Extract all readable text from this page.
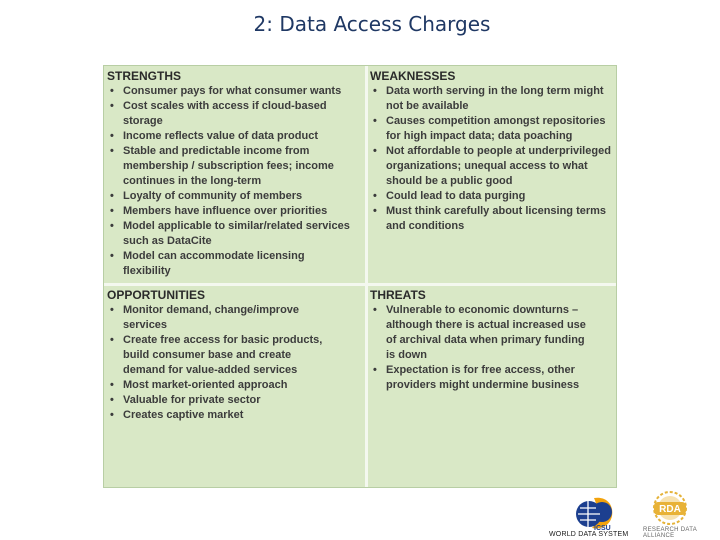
2: Data Access Charges
STRENGTHS
• Consumer pays for what consumer wants
• Cost scales with access if cloud-based
storage
• Income reflects value of data product
• Stable and predictable income from
membership / subscription fees; income
continues in the long-term
• Loyalty of community of members
• Members have influence over priorities
• Model applicable to similar/related services
such as DataCite
• Model can accommodate licensing
flexibility
WEAKNESSES
• Data worth serving in the long term might
not be available
• Causes competition amongst repositories
for high impact data; data poaching
• Not affordable to people at underprivileged
organizations; unequal access to what
should be a public good
• Could lead to data purging
• Must think carefully about licensing terms
and conditions
OPPORTUNITIES
• Monitor demand, change/improve
services
• Create free access for basic products,
build consumer base and create
demand for value-added services
• Most market-oriented approach
• Valuable for private sector
• Creates captive market
THREATS
• Vulnerable to economic downturns –
although there is actual increased use
of archival data when primary funding
is down
• Expectation is for free access, other
providers might undermine business
ICSU
WORLD DATA SYSTEM
RDA
RESEARCH DATA ALLIANCE
